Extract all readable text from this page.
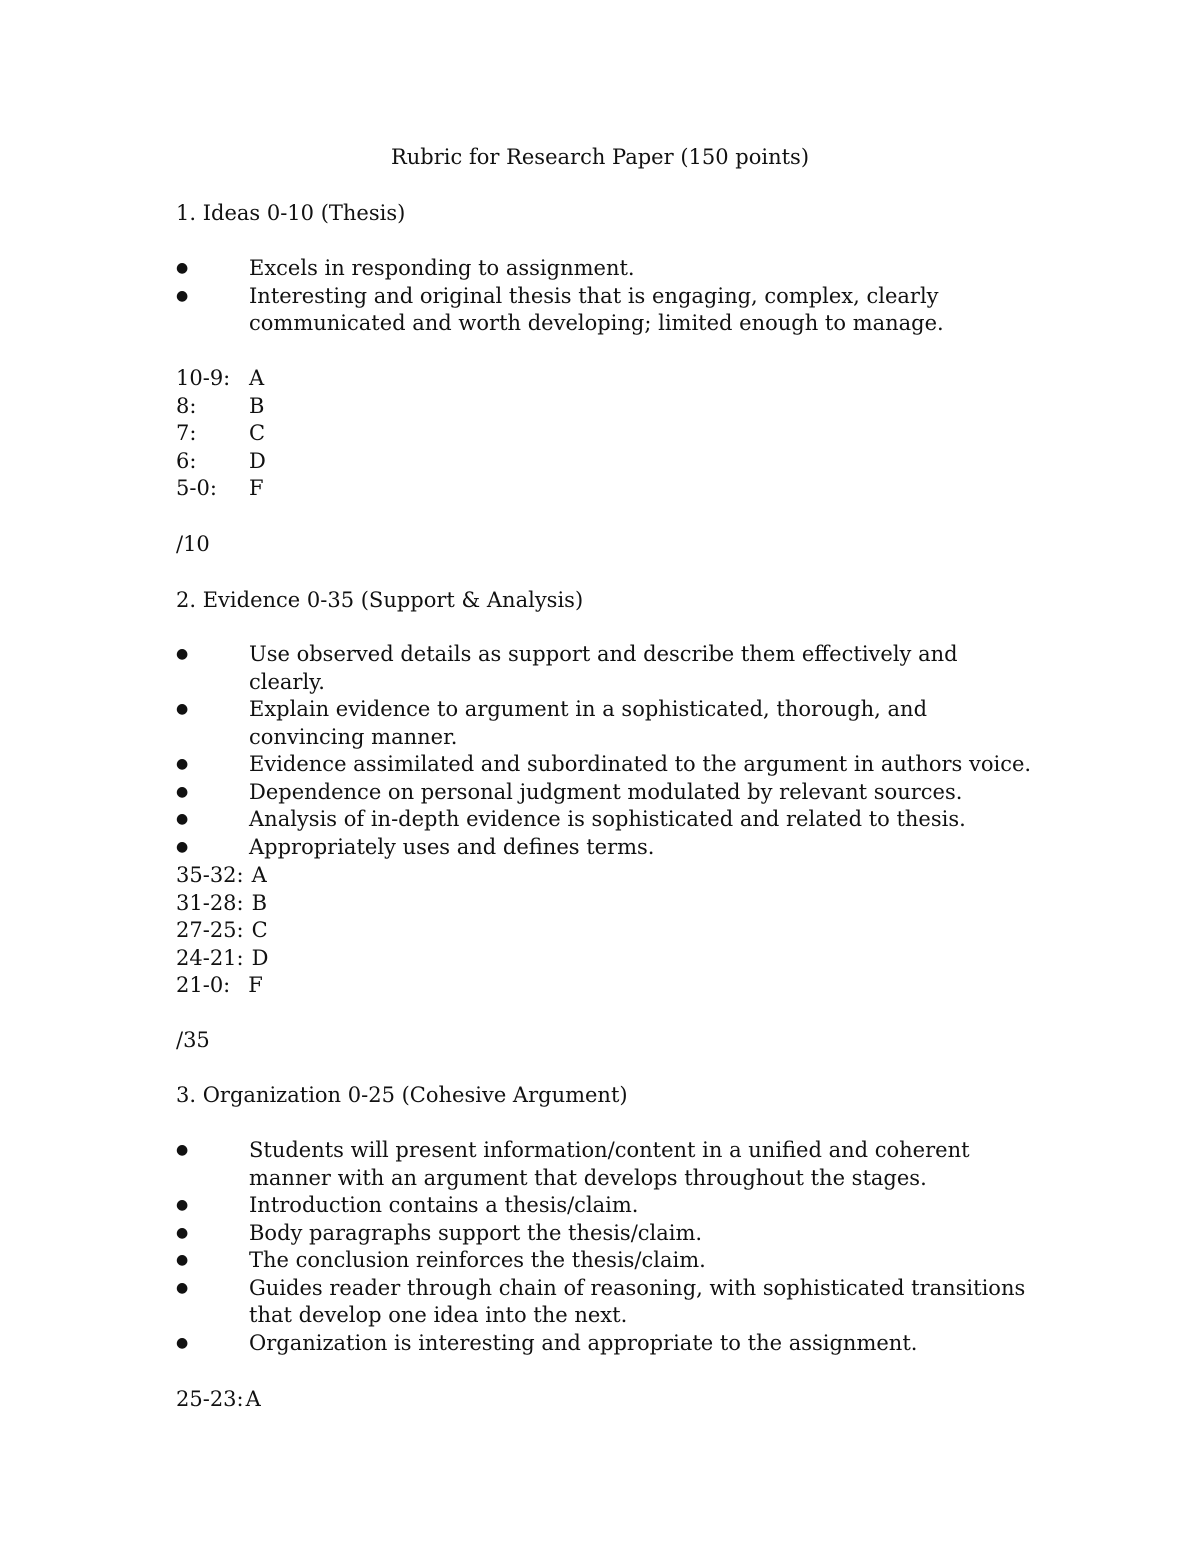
Rubric for Research Paper (150 points)
1. Ideas 0-10 (Thesis)
●	Excels in responding to assignment.
●	Interesting and original thesis that is engaging, complex, clearly communicated and worth developing; limited enough to manage.
10-9: A
8:	B
7:	C
6:	D
5-0:	F
/10
2. Evidence 0-35 (Support & Analysis)
●	Use observed details as support and describe them effectively and clearly.
●	Explain evidence to argument in a sophisticated, thorough, and convincing manner.
●	Evidence assimilated and subordinated to the argument in authors voice.
●	Dependence on personal judgment modulated by relevant sources.
●	Analysis of in-depth evidence is sophisticated and related to thesis.
●	Appropriately uses and defines terms.
35-32: A
31-28: B
27-25: C
24-21: D
21-0: F
/35
3. Organization 0-25 (Cohesive Argument)
●	Students will present information/content in a unified and coherent manner with an argument that develops throughout the stages.
●	Introduction contains a thesis/claim.
●	Body paragraphs support the thesis/claim.
●	The conclusion reinforces the thesis/claim.
●	Guides reader through chain of reasoning, with sophisticated transitions that develop one idea into the next.
●	Organization is interesting and appropriate to the assignment.
25-23: A
